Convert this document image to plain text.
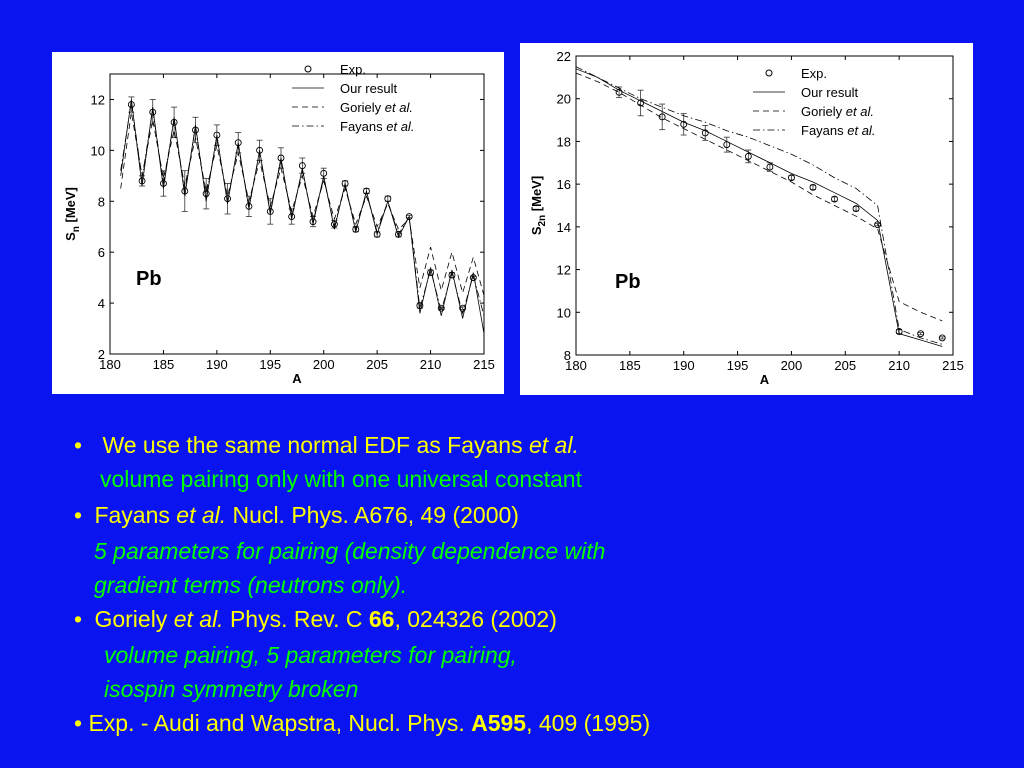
180 185 190 195 200 205 210 215
2
4
6
8
10
12
A
$S_n$ [MeV]
Pb
Exp.
Our result
Goriely et al.
Fayans et al.
180 185 190 195 200 205 210 215
8
10
12
14
16
18
20
22
A
$S_{2n}$ [MeV]
Pb
Exp.
Our result
Goriely et al.
Fayans et al.
• We use the same normal EDF as Fayans et al.
volume pairing only with one universal constant
• Fayans et al. Nucl. Phys. A676, 49 (2000)
5 parameters for pairing (density dependence with
gradient terms (neutrons only).
• Goriely et al. Phys. Rev. C 66, 024326 (2002)
volume pairing, 5 parameters for pairing,
isospin symmetry broken
• Exp. - Audi and Wapstra, Nucl. Phys. A595, 409 (1995)
